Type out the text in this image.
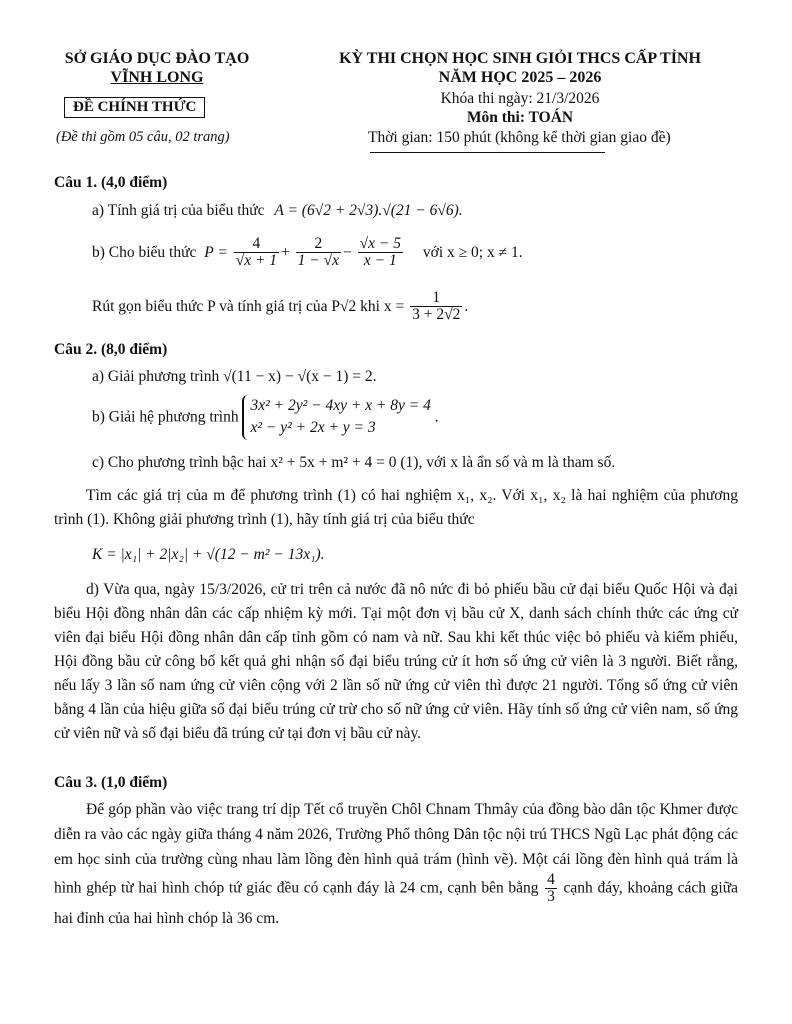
SỞ GIÁO DỤC ĐÀO TẠO
VĨNH LONG
ĐỀ CHÍNH THỨC
(Đề thi gồm 05 câu, 02 trang)
KỲ THI CHỌN HỌC SINH GIỎI THCS CẤP TỈNH
NĂM HỌC 2025 – 2026
Khóa thi ngày: 21/3/2026
Môn thi: TOÁN
Thời gian: 150 phút (không kể thời gian giao đề)
Câu 1. (4,0 điểm)
a) Tính giá trị của biểu thức A = (6√2 + 2√3).√(21 − 6√6).
b) Cho biểu thức $P = \frac{4}{√x + 1} + \frac{2}{1 - √x} - \frac{√x - 5}{x - 1}$ với x ≥ 0; x ≠ 1.
Rút gọn biểu thức P và tính giá trị của P√2 khi $x = \frac{1}{3 + 2√2}$ .
Câu 2. (8,0 điểm)
a) Giải phương trình √(11 − x) − √(x − 1) = 2.
b) Giải hệ phương trình
3x² + 2y² − 4xy + x + 8y = 4
x² − y² + 2x + y = 3
.
c) Cho phương trình bậc hai x² + 5x + m² + 4 = 0 (1), với x là ẩn số và m là tham số.
Tìm các giá trị của m để phương trình (1) có hai nghiệm x₁, x₂. Với x₁, x₂ là hai nghiệm của phương trình (1). Không giải phương trình (1), hãy tính giá trị của biểu thức
K = |x₁| + 2|x₂| + √(12 − m² − 13x₁).
d) Vừa qua, ngày 15/3/2026, cử tri trên cả nước đã nô nức đi bỏ phiếu bầu cử đại biểu Quốc Hội và đại biểu Hội đồng nhân dân các cấp nhiệm kỳ mới. Tại một đơn vị bầu cử X, danh sách chính thức các ứng cử viên đại biểu Hội đồng nhân dân cấp tỉnh gồm có nam và nữ. Sau khi kết thúc việc bỏ phiếu và kiểm phiếu, Hội đồng bầu cử công bố kết quả ghi nhận số đại biểu trúng cử ít hơn số ứng cử viên là 3 người. Biết rằng, nếu lấy 3 lần số nam ứng cử viên cộng với 2 lần số nữ ứng cử viên thì được 21 người. Tổng số ứng cử viên bằng 4 lần của hiệu giữa số đại biểu trúng cử trừ cho số nữ ứng cử viên. Hãy tính số ứng cử viên nam, số ứng cử viên nữ và số đại biểu đã trúng cử tại đơn vị bầu cử này.
Câu 3. (1,0 điểm)
Để góp phần vào việc trang trí dịp Tết cổ truyền Chôl Chnam Thmây của đồng bào dân tộc Khmer được diễn ra vào các ngày giữa tháng 4 năm 2026, Trường Phổ thông Dân tộc nội trú THCS Ngũ Lạc phát động các em học sinh của trường cùng nhau làm lồng đèn hình quả trám (hình vẽ). Một cái lồng đèn hình quả trám là hình ghép từ hai hình chóp tứ giác đều có cạnh đáy là 24 cm, cạnh bên bằng $\frac{4}{3}$ cạnh đáy, khoảng cách giữa hai đỉnh của hai hình chóp là 36 cm.
